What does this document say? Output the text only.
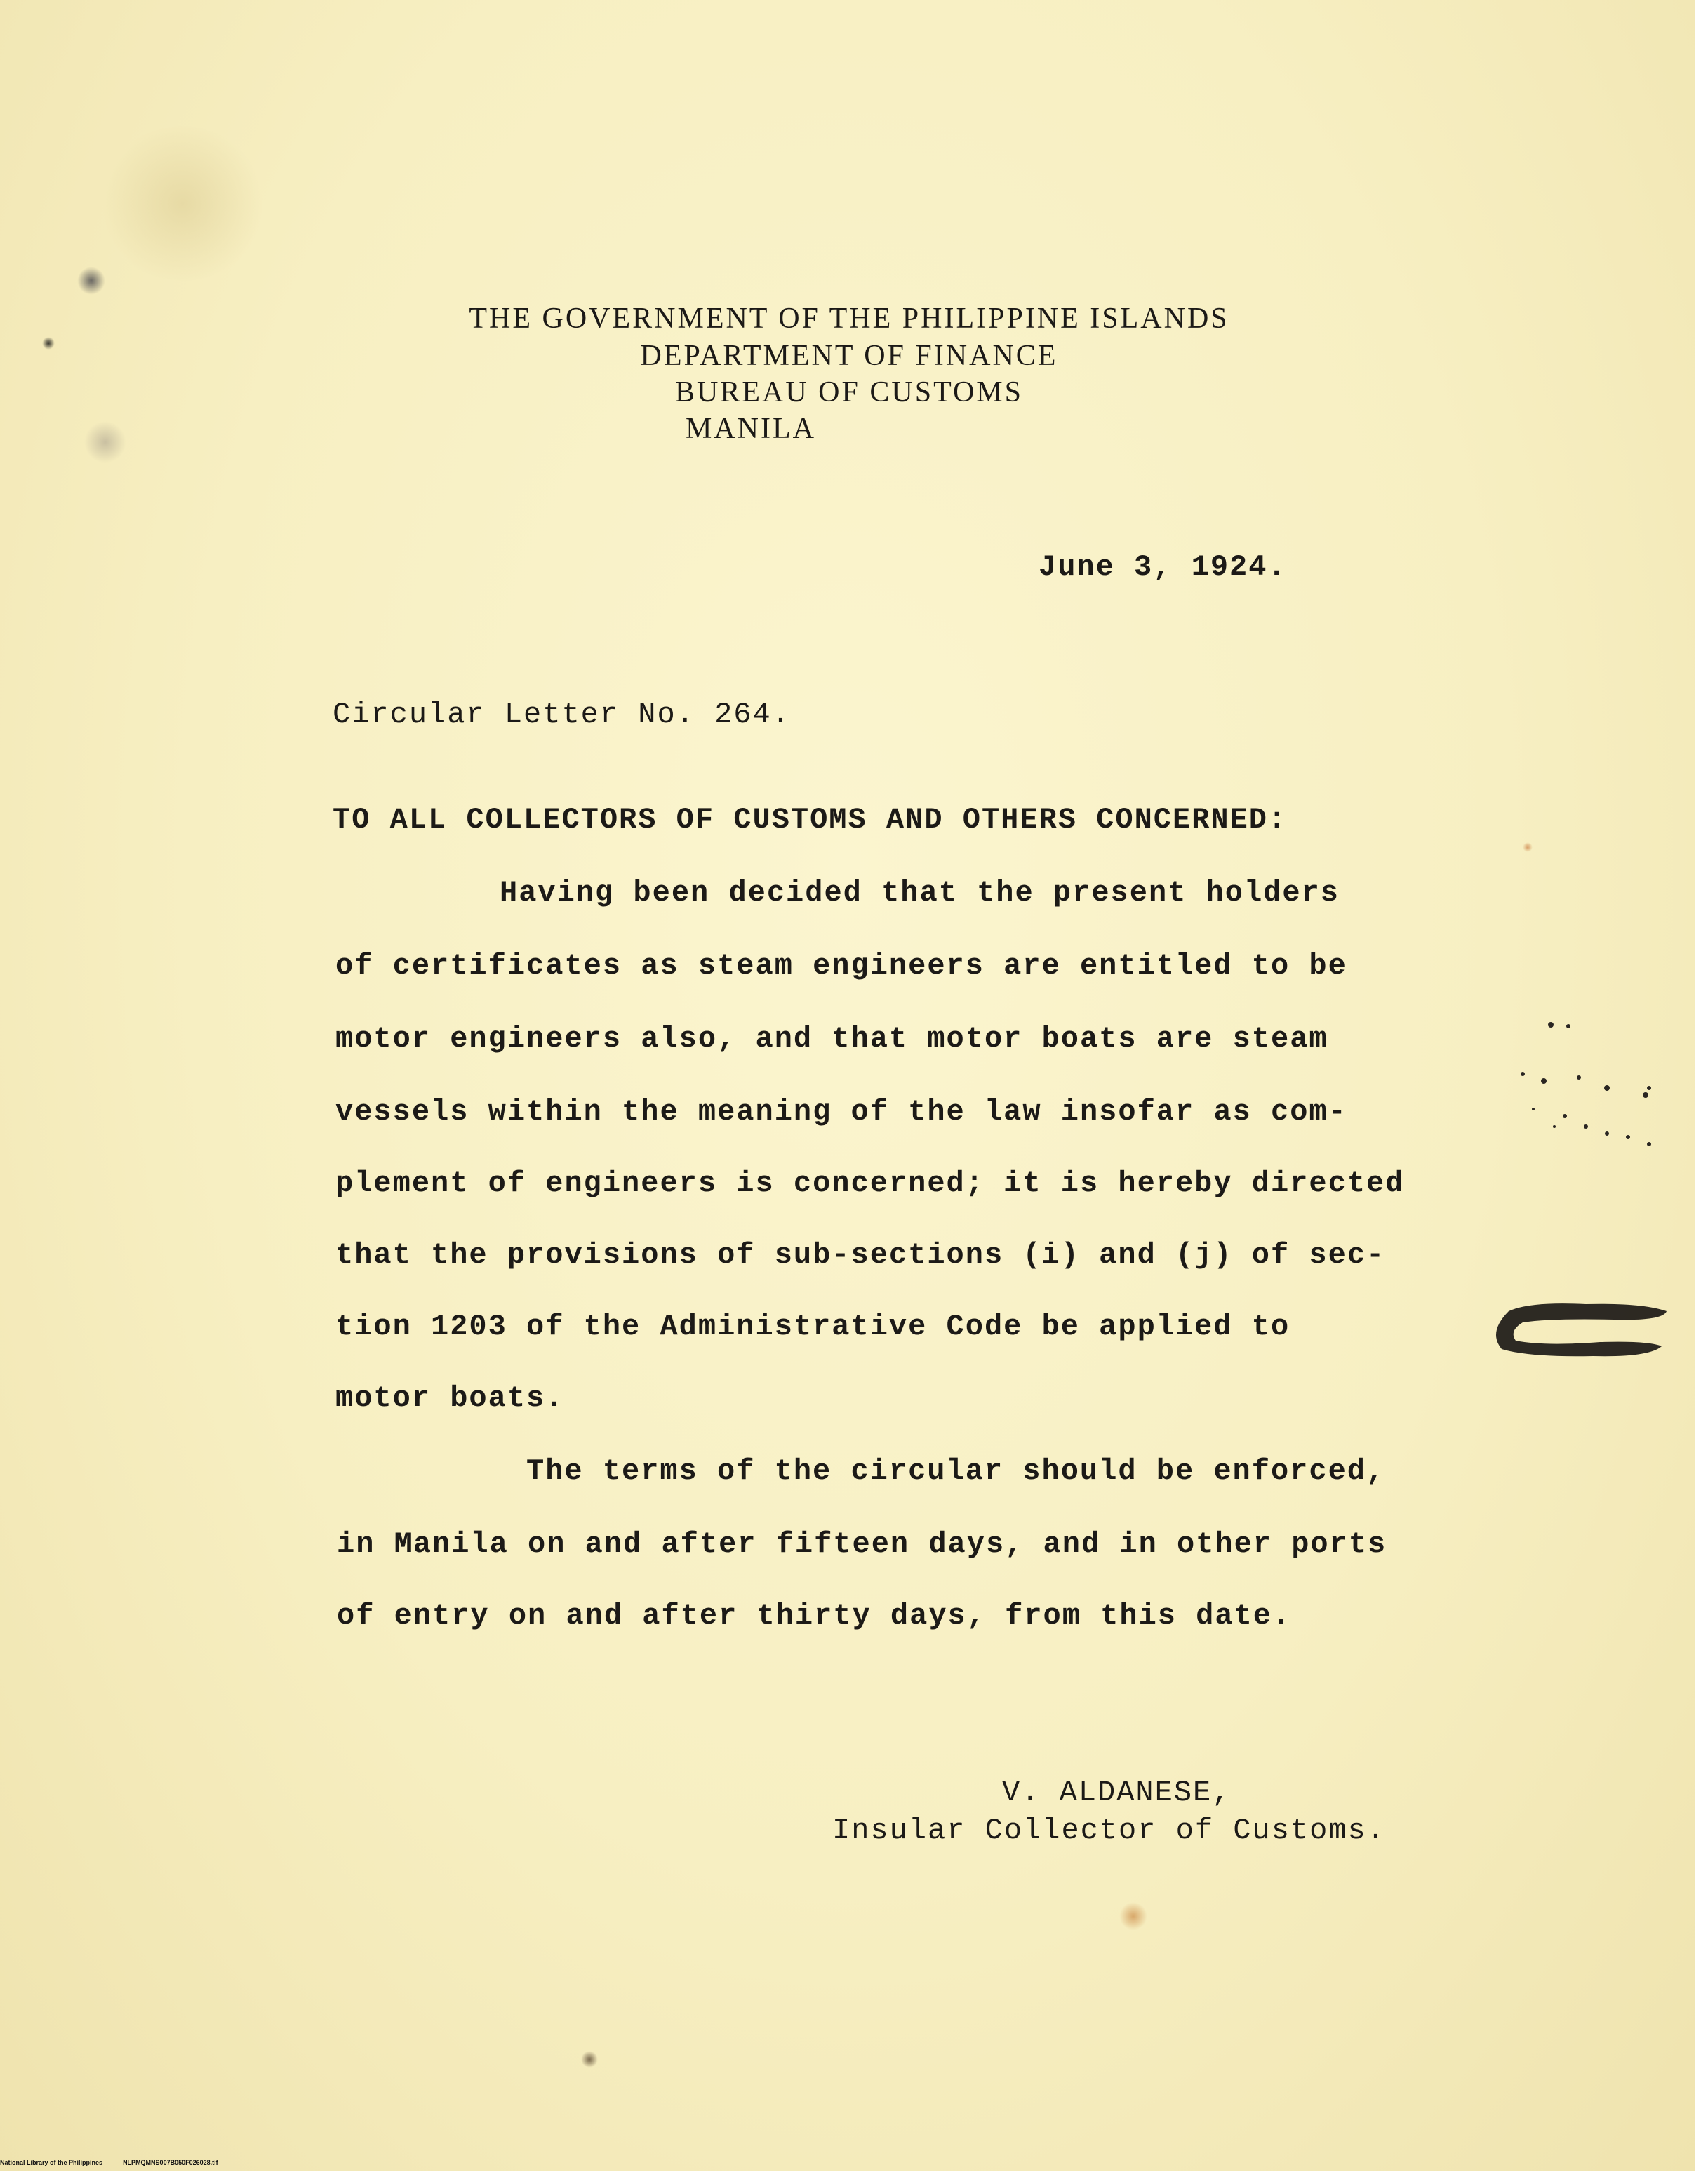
THE GOVERNMENT OF THE PHILIPPINE ISLANDS

DEPARTMENT OF FINANCE

BUREAU OF CUSTOMS

MANILA

June 3, 1924.

Circular Letter No. 264.

TO ALL COLLECTORS OF CUSTOMS AND OTHERS CONCERNED:

Having been decided that the present holders

of certificates as steam engineers are entitled to be

motor engineers also, and that motor boats are steam

vessels within the meaning of the law insofar as com-

plement of engineers is concerned; it is hereby directed

that the provisions of sub-sections (i) and (j) of sec-

tion 1203 of the Administrative Code be applied to

motor boats.

The terms of the circular should be enforced,

in Manila on and after fifteen days, and in other ports

of entry on and after thirty days, from this date.

V. ALDANESE,

Insular Collector of Customs.

National Library of the Philippines	NLPMQMNS007B050F026028.tif
